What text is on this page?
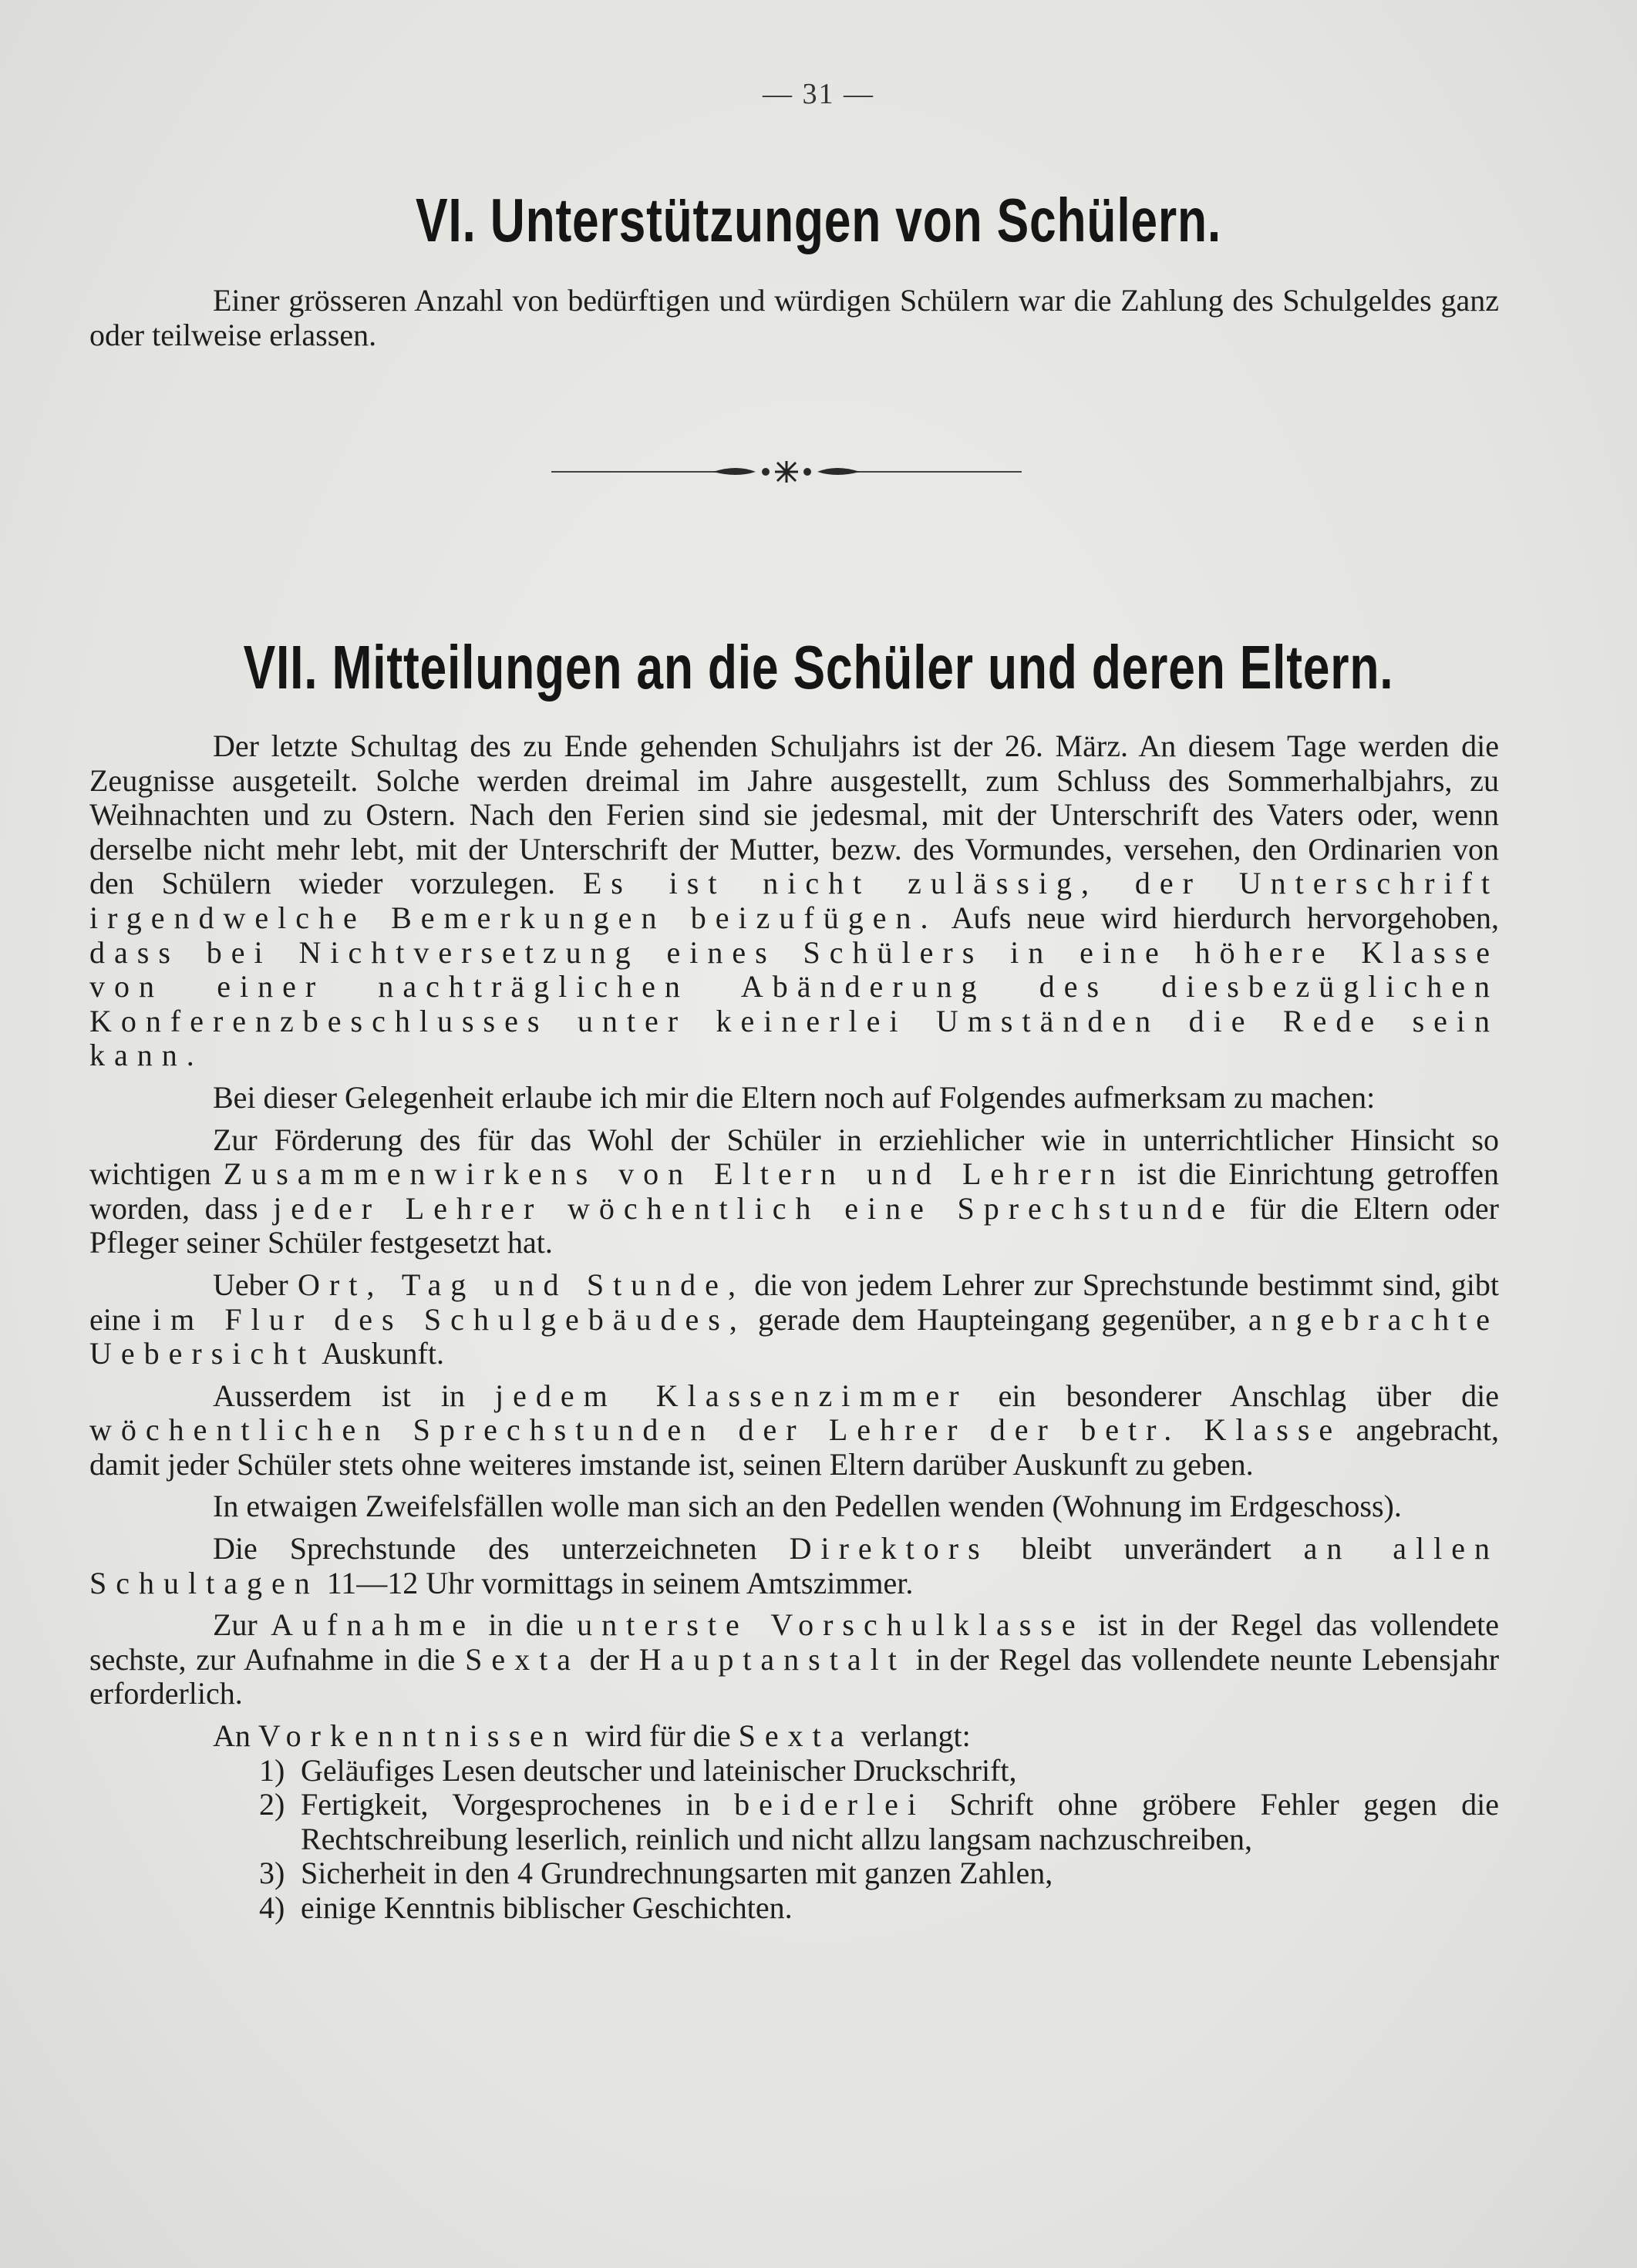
— 31 —
VI. Unterstützungen von Schülern.

Einer grösseren Anzahl von bedürftigen und würdigen Schülern war die Zahlung des Schulgeldes ganz oder teilweise erlassen.

VII. Mitteilungen an die Schüler und deren Eltern.

Der letzte Schultag des zu Ende gehenden Schuljahrs ist der 26. März. An diesem Tage werden die Zeugnisse ausgeteilt. Solche werden dreimal im Jahre ausgestellt, zum Schluss des Sommerhalbjahrs, zu Weihnachten und zu Ostern. Nach den Ferien sind sie jedesmal, mit der Unterschrift des Vaters oder, wenn derselbe nicht mehr lebt, mit der Unterschrift der Mutter, bezw. des Vormundes, versehen, den Ordinarien von den Schülern wieder vorzulegen. Es ist nicht zulässig, der Unterschrift irgendwelche Bemerkungen beizufügen. Aufs neue wird hierdurch hervorgehoben, dass bei Nichtversetzung eines Schülers in eine höhere Klasse von einer nachträglichen Abänderung des diesbezüglichen Konferenzbeschlusses unter keinerlei Umständen die Rede sein kann.

Bei dieser Gelegenheit erlaube ich mir die Eltern noch auf Folgendes aufmerksam zu machen:

Zur Förderung des für das Wohl der Schüler in erziehlicher wie in unterrichtlicher Hinsicht so wichtigen Zusammenwirkens von Eltern und Lehrern ist die Einrichtung getroffen worden, dass jeder Lehrer wöchentlich eine Sprechstunde für die Eltern oder Pfleger seiner Schüler festgesetzt hat.

Ueber Ort, Tag und Stunde, die von jedem Lehrer zur Sprechstunde bestimmt sind, gibt eine im Flur des Schulgebäudes, gerade dem Haupteingang gegenüber, angebrachte Uebersicht Auskunft.

Ausserdem ist in jedem Klassenzimmer ein besonderer Anschlag über die wöchentlichen Sprechstunden der Lehrer der betr. Klasse angebracht, damit jeder Schüler stets ohne weiteres imstande ist, seinen Eltern darüber Auskunft zu geben.

In etwaigen Zweifelsfällen wolle man sich an den Pedellen wenden (Wohnung im Erdgeschoss).

Die Sprechstunde des unterzeichneten Direktors bleibt unverändert an allen Schultagen 11—12 Uhr vormittags in seinem Amtszimmer.

Zur Aufnahme in die unterste Vorschulklasse ist in der Regel das vollendete sechste, zur Aufnahme in die Sexta der Hauptanstalt in der Regel das vollendete neunte Lebensjahr erforderlich.

An Vorkenntnissen wird für die Sexta verlangt:

1) Geläufiges Lesen deutscher und lateinischer Druckschrift,
2) Fertigkeit, Vorgesprochenes in beiderlei Schrift ohne gröbere Fehler gegen die Rechtschreibung leserlich, reinlich und nicht allzu langsam nachzuschreiben,
3) Sicherheit in den 4 Grundrechnungsarten mit ganzen Zahlen,
4) einige Kenntnis biblischer Geschichten.
